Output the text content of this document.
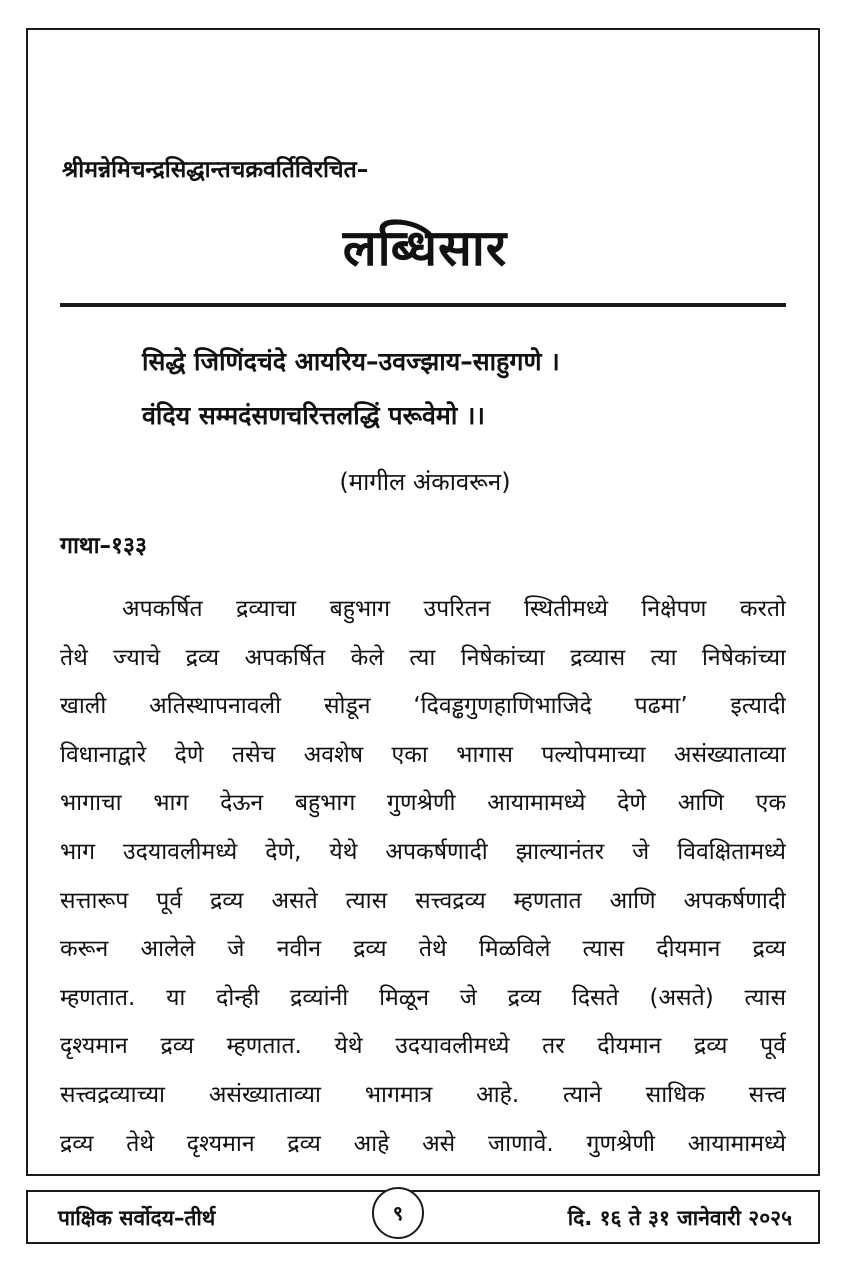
श्रीमन्नेमिचन्द्रसिद्धान्तचक्रवर्तिविरचित–
लब्धिसार
सिद्धे जिणिंदचंदे आयरिय–उवज्झाय–साहुगणे ।
वंदिय सम्मदंसणचरित्तलद्धिं परूवेमो ।।
(मागील अंकावरून)
गाथा–१३३
अपकर्षित द्रव्याचा बहुभाग उपरितन स्थितीमध्ये निक्षेपण करतो
तेथे ज्याचे द्रव्य अपकर्षित केले त्या निषेकांच्या द्रव्यास त्या निषेकांच्या
खाली अतिस्थापनावली सोडून ‘दिवड्ढगुणहाणिभाजिदे पढमा’ इत्यादी
विधानाद्वारे देणे तसेच अवशेष एका भागास पल्योपमाच्या असंख्याताव्या
भागाचा भाग देऊन बहुभाग गुणश्रेणी आयामामध्ये देणे आणि एक
भाग उदयावलीमध्ये देणे, येथे अपकर्षणादी झाल्यानंतर जे विवक्षितामध्ये
सत्तारूप पूर्व द्रव्य असते त्यास सत्त्वद्रव्य म्हणतात आणि अपकर्षणादी
करून आलेले जे नवीन द्रव्य तेथे मिळविले त्यास दीयमान द्रव्य
म्हणतात. या दोन्ही द्रव्यांनी मिळून जे द्रव्य दिसते (असते) त्यास
दृश्यमान द्रव्य म्हणतात. येथे उदयावलीमध्ये तर दीयमान द्रव्य पूर्व
सत्त्वद्रव्याच्या असंख्याताव्या भागमात्र आहे. त्याने साधिक सत्त्व
द्रव्य तेथे दृश्यमान द्रव्य आहे असे जाणावे. गुणश्रेणी आयामामध्ये
पाक्षिक सर्वोदय–तीर्थ	दि. १६ ते ३१ जानेवारी २०२५
९
